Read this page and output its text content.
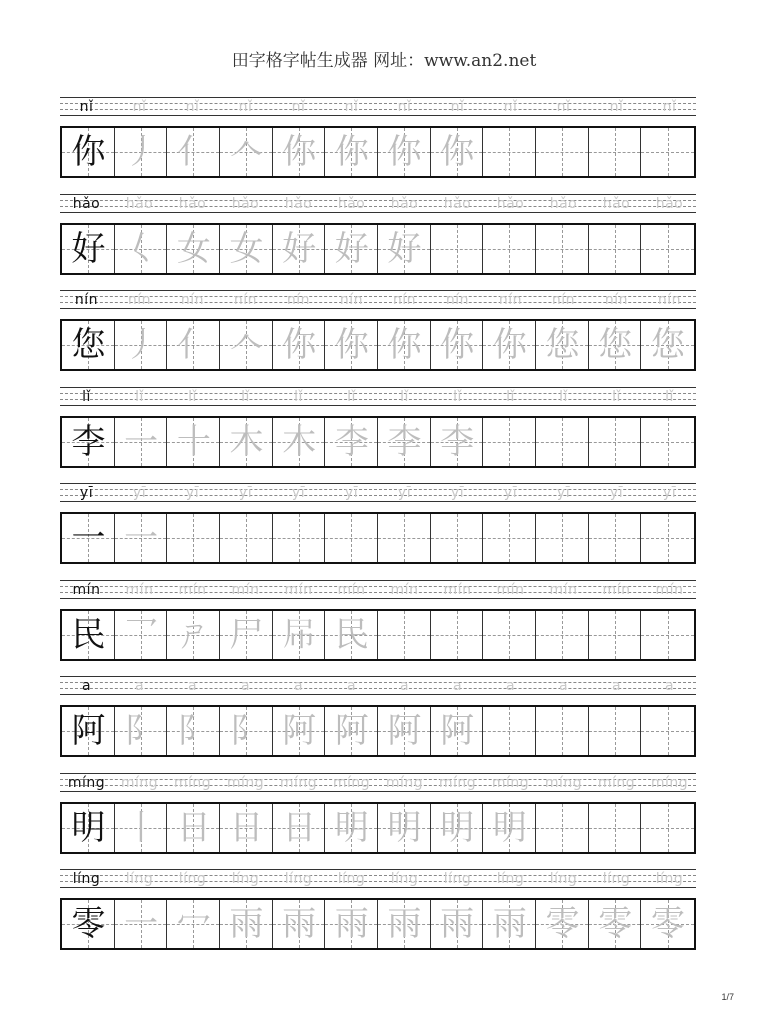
田字格字帖生成器 网址：www.an2.net
nǐ	nǐ	nǐ	nǐ	nǐ	nǐ	nǐ	nǐ	nǐ	nǐ	nǐ	nǐ
你 丿 亻 𠆢 你 你 你 你
hǎo	hǎo	hǎo	hǎo	hǎo	hǎo	hǎo	hǎo	hǎo	hǎo	hǎo	hǎo
好 𡿨 女 女 好 好 好
nín	nín	nín	nín	nín	nín	nín	nín	nín	nín	nín	nín
您 丿 亻 𠆢 你 你 你 你 你 您 您 您
lǐ	lǐ	lǐ	lǐ	lǐ	lǐ	lǐ	lǐ	lǐ	lǐ	lǐ	lǐ
李 一 十 木 木 李 李 李
yī	yī	yī	yī	yī	yī	yī	yī	yī	yī	yī	yī
一 一
mín	mín	mín	mín	mín	mín	mín	mín	mín	mín	mín	mín
民 乛 ㄕ 尸 𡰯 民
a	a	a	a	a	a	a	a	a	a	a	a
阿 阝 阝 阝 阿 阿 阿 阿
míng	míng	míng	míng	míng	míng	míng	míng	míng	míng	míng	míng
明 丨 日 日 日 明 明 明 明
líng	líng	líng	líng	líng	líng	líng	líng	líng	líng	líng	líng
零 一 冖 雨 雨 雨 雨 雨 雨 零 零 零
1/7
